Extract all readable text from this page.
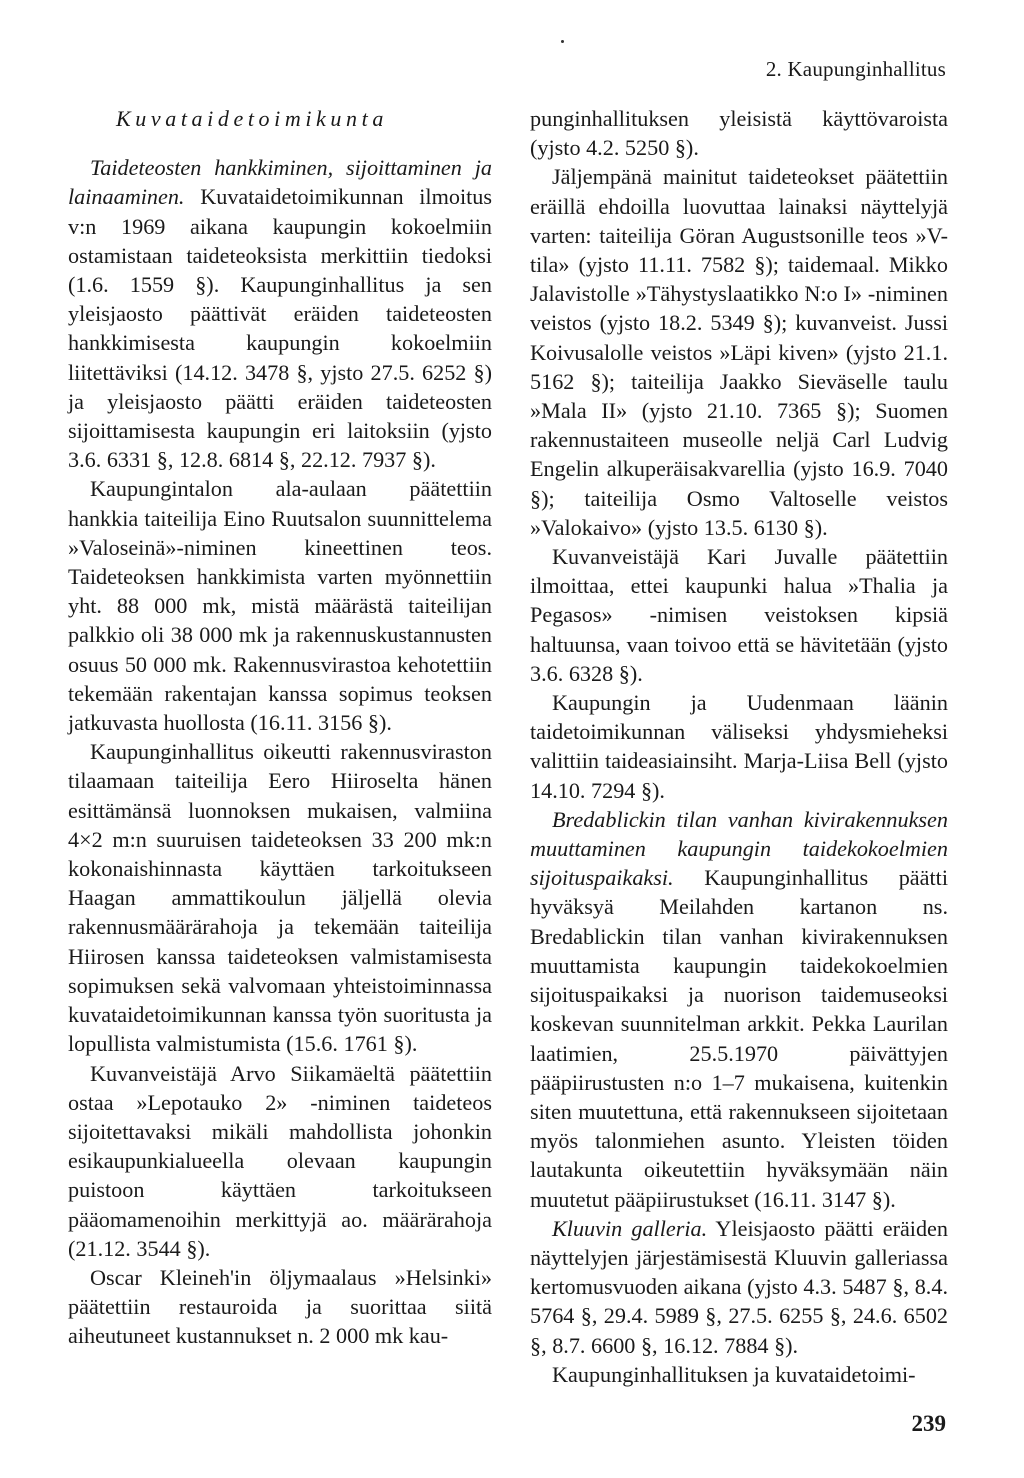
2. Kaupunginhallitus
Kuvataidetoimikunta

Taideteosten hankkiminen, sijoittaminen ja lainaaminen. Kuvataidetoimikunnan ilmoitus v:n 1969 aikana kaupungin kokoelmiin ostamistaan taideteoksista merkittiin tiedoksi (1.6. 1559 §). Kaupunginhallitus ja sen yleisjaosto päättivät eräiden taideteosten hankkimisesta kaupungin kokoelmiin liitettäviksi (14.12. 3478 §, yjsto 27.5. 6252 §) ja yleisjaosto päätti eräiden taideteosten sijoittamisesta kaupungin eri laitoksiin (yjsto 3.6. 6331 §, 12.8. 6814 §, 22.12. 7937 §).

Kaupungintalon ala-aulaan päätettiin hankkia taiteilija Eino Ruutsalon suunnittelema »Valoseinä»-niminen kineettinen teos. Taideteoksen hankkimista varten myönnettiin yht. 88 000 mk, mistä määrästä taiteilijan palkkio oli 38 000 mk ja rakennuskustannusten osuus 50 000 mk. Rakennusvirastoa kehotettiin tekemään rakentajan kanssa sopimus teoksen jatkuvasta huollosta (16.11. 3156 §).

Kaupunginhallitus oikeutti rakennusviraston tilaamaan taiteilija Eero Hiiroselta hänen esittämänsä luonnoksen mukaisen, valmiina 4×2 m:n suuruisen taideteoksen 33 200 mk:n kokonaishinnasta käyttäen tarkoitukseen Haagan ammattikoulun jäljellä olevia rakennusmäärärahoja ja tekemään taiteilija Hiirosen kanssa taideteoksen valmistamisesta sopimuksen sekä valvomaan yhteistoiminnassa kuvataidetoimikunnan kanssa työn suoritusta ja lopullista valmistumista (15.6. 1761 §).

Kuvanveistäjä Arvo Siikamäeltä päätettiin ostaa »Lepotauko 2» -niminen taideteos sijoitettavaksi mikäli mahdollista johonkin esikaupunkialueella olevaan kaupungin puistoon käyttäen tarkoitukseen pääomamenoihin merkittyjä ao. määrärahoja (21.12. 3544 §).

Oscar Kleineh'in öljymaalaus »Helsinki» päätettiin restauroida ja suorittaa siitä aiheutuneet kustannukset n. 2 000 mk kau-

punginhallituksen yleisistä käyttövaroista (yjsto 4.2. 5250 §).

Jäljempänä mainitut taideteokset päätettiin eräillä ehdoilla luovuttaa lainaksi näyttelyjä varten: taiteilija Göran Augustsonille teos »V-tila» (yjsto 11.11. 7582 §); taidemaal. Mikko Jalavistolle »Tähystyslaatikko N:o I» -niminen veistos (yjsto 18.2. 5349 §); kuvanveist. Jussi Koivusalolle veistos »Läpi kiven» (yjsto 21.1. 5162 §); taiteilija Jaakko Sieväselle taulu »Mala II» (yjsto 21.10. 7365 §); Suomen rakennustaiteen museolle neljä Carl Ludvig Engelin alkuperäisakvarellia (yjsto 16.9. 7040 §); taiteilija Osmo Valtoselle veistos »Valokaivo» (yjsto 13.5. 6130 §).

Kuvanveistäjä Kari Juvalle päätettiin ilmoittaa, ettei kaupunki halua »Thalia ja Pegasos» -nimisen veistoksen kipsiä haltuunsa, vaan toivoo että se hävitetään (yjsto 3.6. 6328 §).

Kaupungin ja Uudenmaan läänin taidetoimikunnan väliseksi yhdysmieheksi valittiin taideasiainsiht. Marja-Liisa Bell (yjsto 14.10. 7294 §).

Bredablickin tilan vanhan kivirakennuksen muuttaminen kaupungin taidekokoelmien sijoituspaikaksi. Kaupunginhallitus päätti hyväksyä Meilahden kartanon ns. Bredablickin tilan vanhan kivirakennuksen muuttamista kaupungin taidekokoelmien sijoituspaikaksi ja nuorison taidemuseoksi koskevan suunnitelman arkkit. Pekka Laurilan laatimien, 25.5.1970 päivättyjen pääpiirustusten n:o 1–7 mukaisena, kuitenkin siten muutettuna, että rakennukseen sijoitetaan myös talonmiehen asunto. Yleisten töiden lautakunta oikeutettiin hyväksymään näin muutetut pääpiirustukset (16.11. 3147 §).

Kluuvin galleria. Yleisjaosto päätti eräiden näyttelyjen järjestämisestä Kluuvin galleriassa kertomusvuoden aikana (yjsto 4.3. 5487 §, 8.4. 5764 §, 29.4. 5989 §, 27.5. 6255 §, 24.6. 6502 §, 8.7. 6600 §, 16.12. 7884 §).

Kaupunginhallituksen ja kuvataidetoimi-

239
